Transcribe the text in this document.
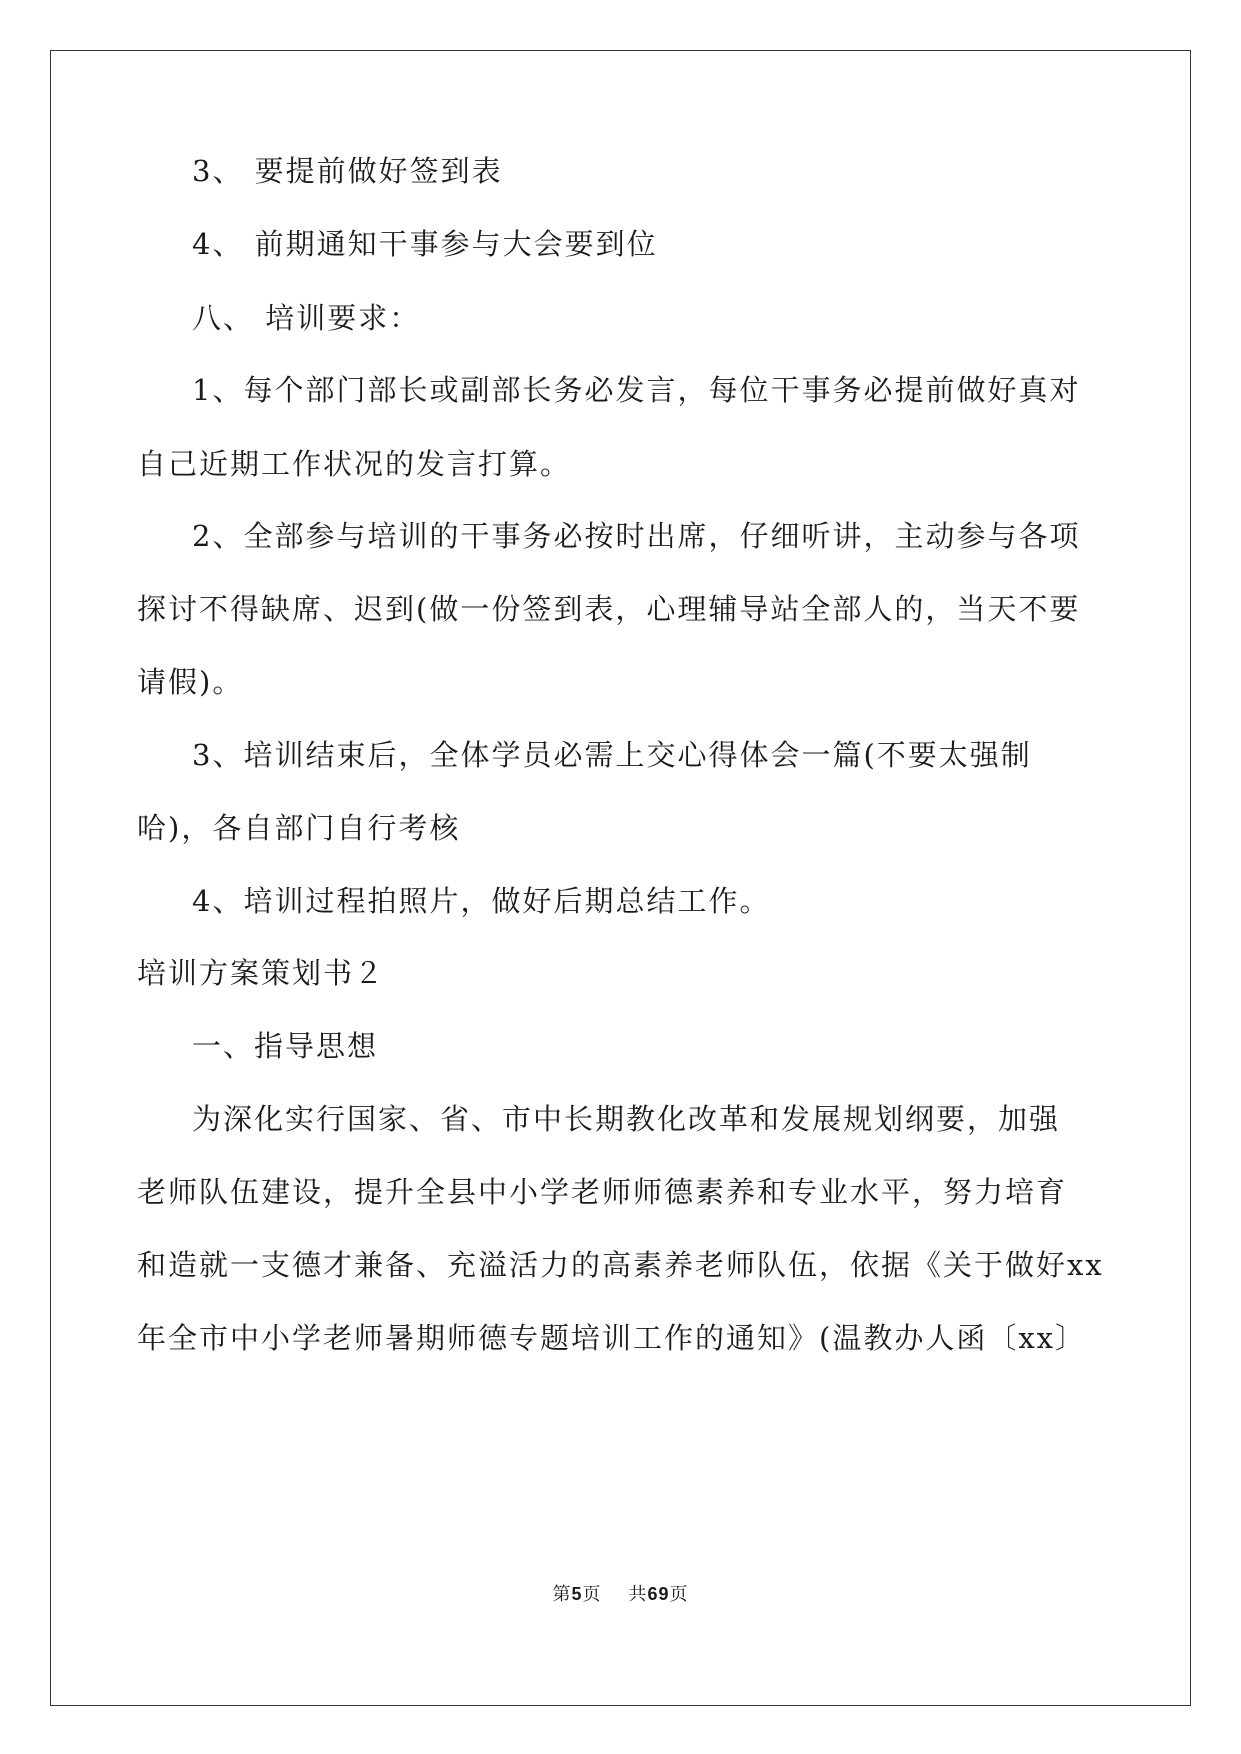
3、 要提前做好签到表
4、 前期通知干事参与大会要到位
八、 培训要求：
1、每个部门部长或副部长务必发言，每位干事务必提前做好真对
自己近期工作状况的发言打算。
2、全部参与培训的干事务必按时出席，仔细听讲，主动参与各项
探讨不得缺席、迟到(做一份签到表，心理辅导站全部人的，当天不要
请假)。
3、培训结束后，全体学员必需上交心得体会一篇(不要太强制
哈)，各自部门自行考核
4、培训过程拍照片，做好后期总结工作。
培训方案策划书２
一、指导思想
为深化实行国家、省、市中长期教化改革和发展规划纲要，加强
老师队伍建设，提升全县中小学老师师德素养和专业水平，努力培育
和造就一支德才兼备、充溢活力的高素养老师队伍，依据《关于做好xx
年全市中小学老师暑期师德专题培训工作的通知》(温教办人函〔xx〕
第5页    共69页
